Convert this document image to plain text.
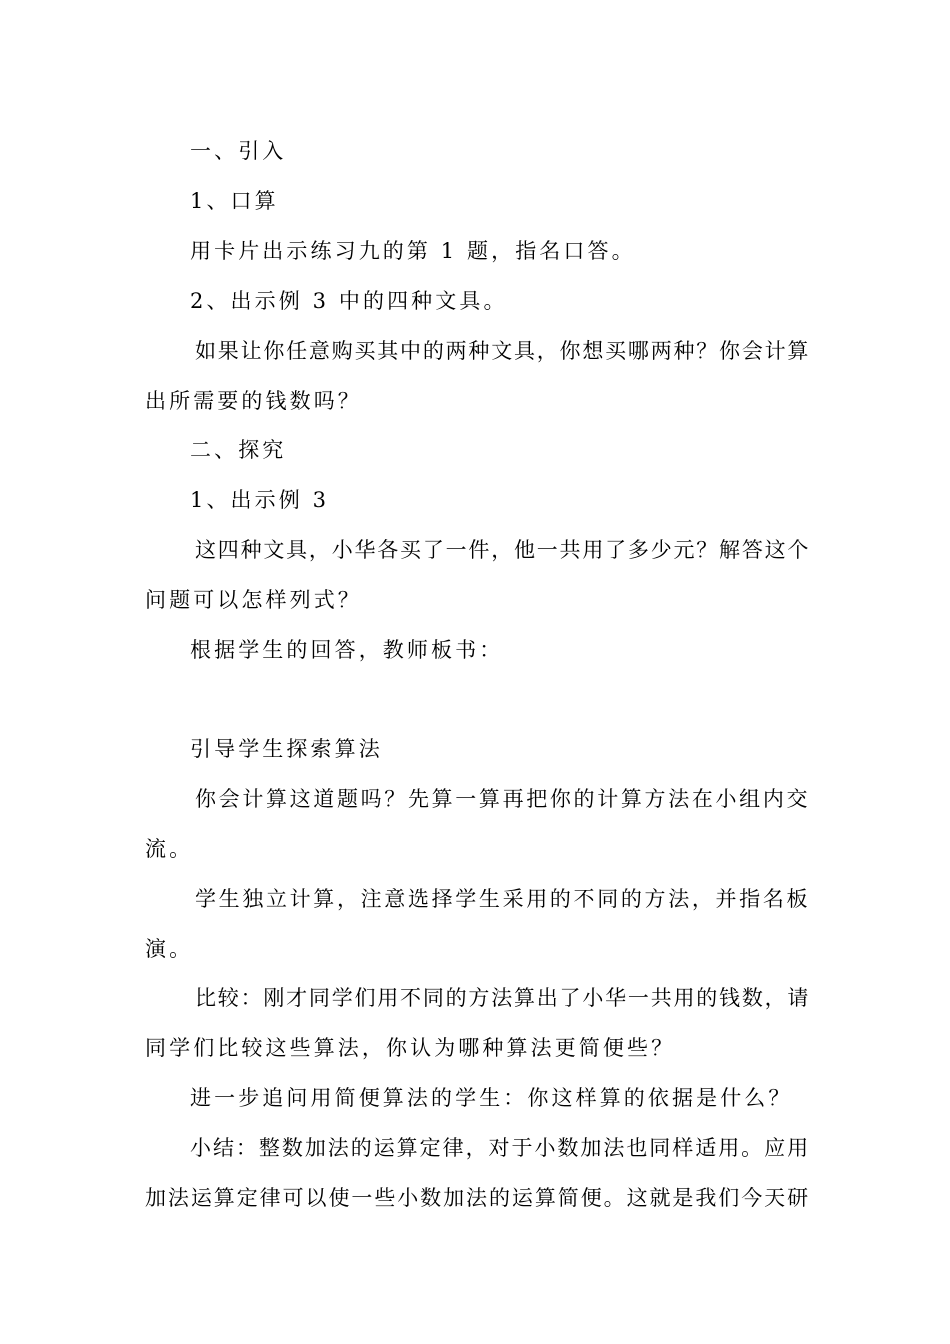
一、引入
1、口算
用卡片出示练习九的第 1 题，指名口答。
2、出示例 3 中的四种文具。
如果让你任意购买其中的两种文具，你想买哪两种？你会计算
出所需要的钱数吗？
二、探究
1、出示例 3
这四种文具，小华各买了一件，他一共用了多少元？解答这个
问题可以怎样列式？
根据学生的回答，教师板书：
引导学生探索算法
你会计算这道题吗？先算一算再把你的计算方法在小组内交
流。
学生独立计算，注意选择学生采用的不同的方法，并指名板
演。
比较：刚才同学们用不同的方法算出了小华一共用的钱数，请
同学们比较这些算法，你认为哪种算法更简便些？
进一步追问用简便算法的学生：你这样算的依据是什么？
小结：整数加法的运算定律，对于小数加法也同样适用。应用
加法运算定律可以使一些小数加法的运算简便。这就是我们今天研
